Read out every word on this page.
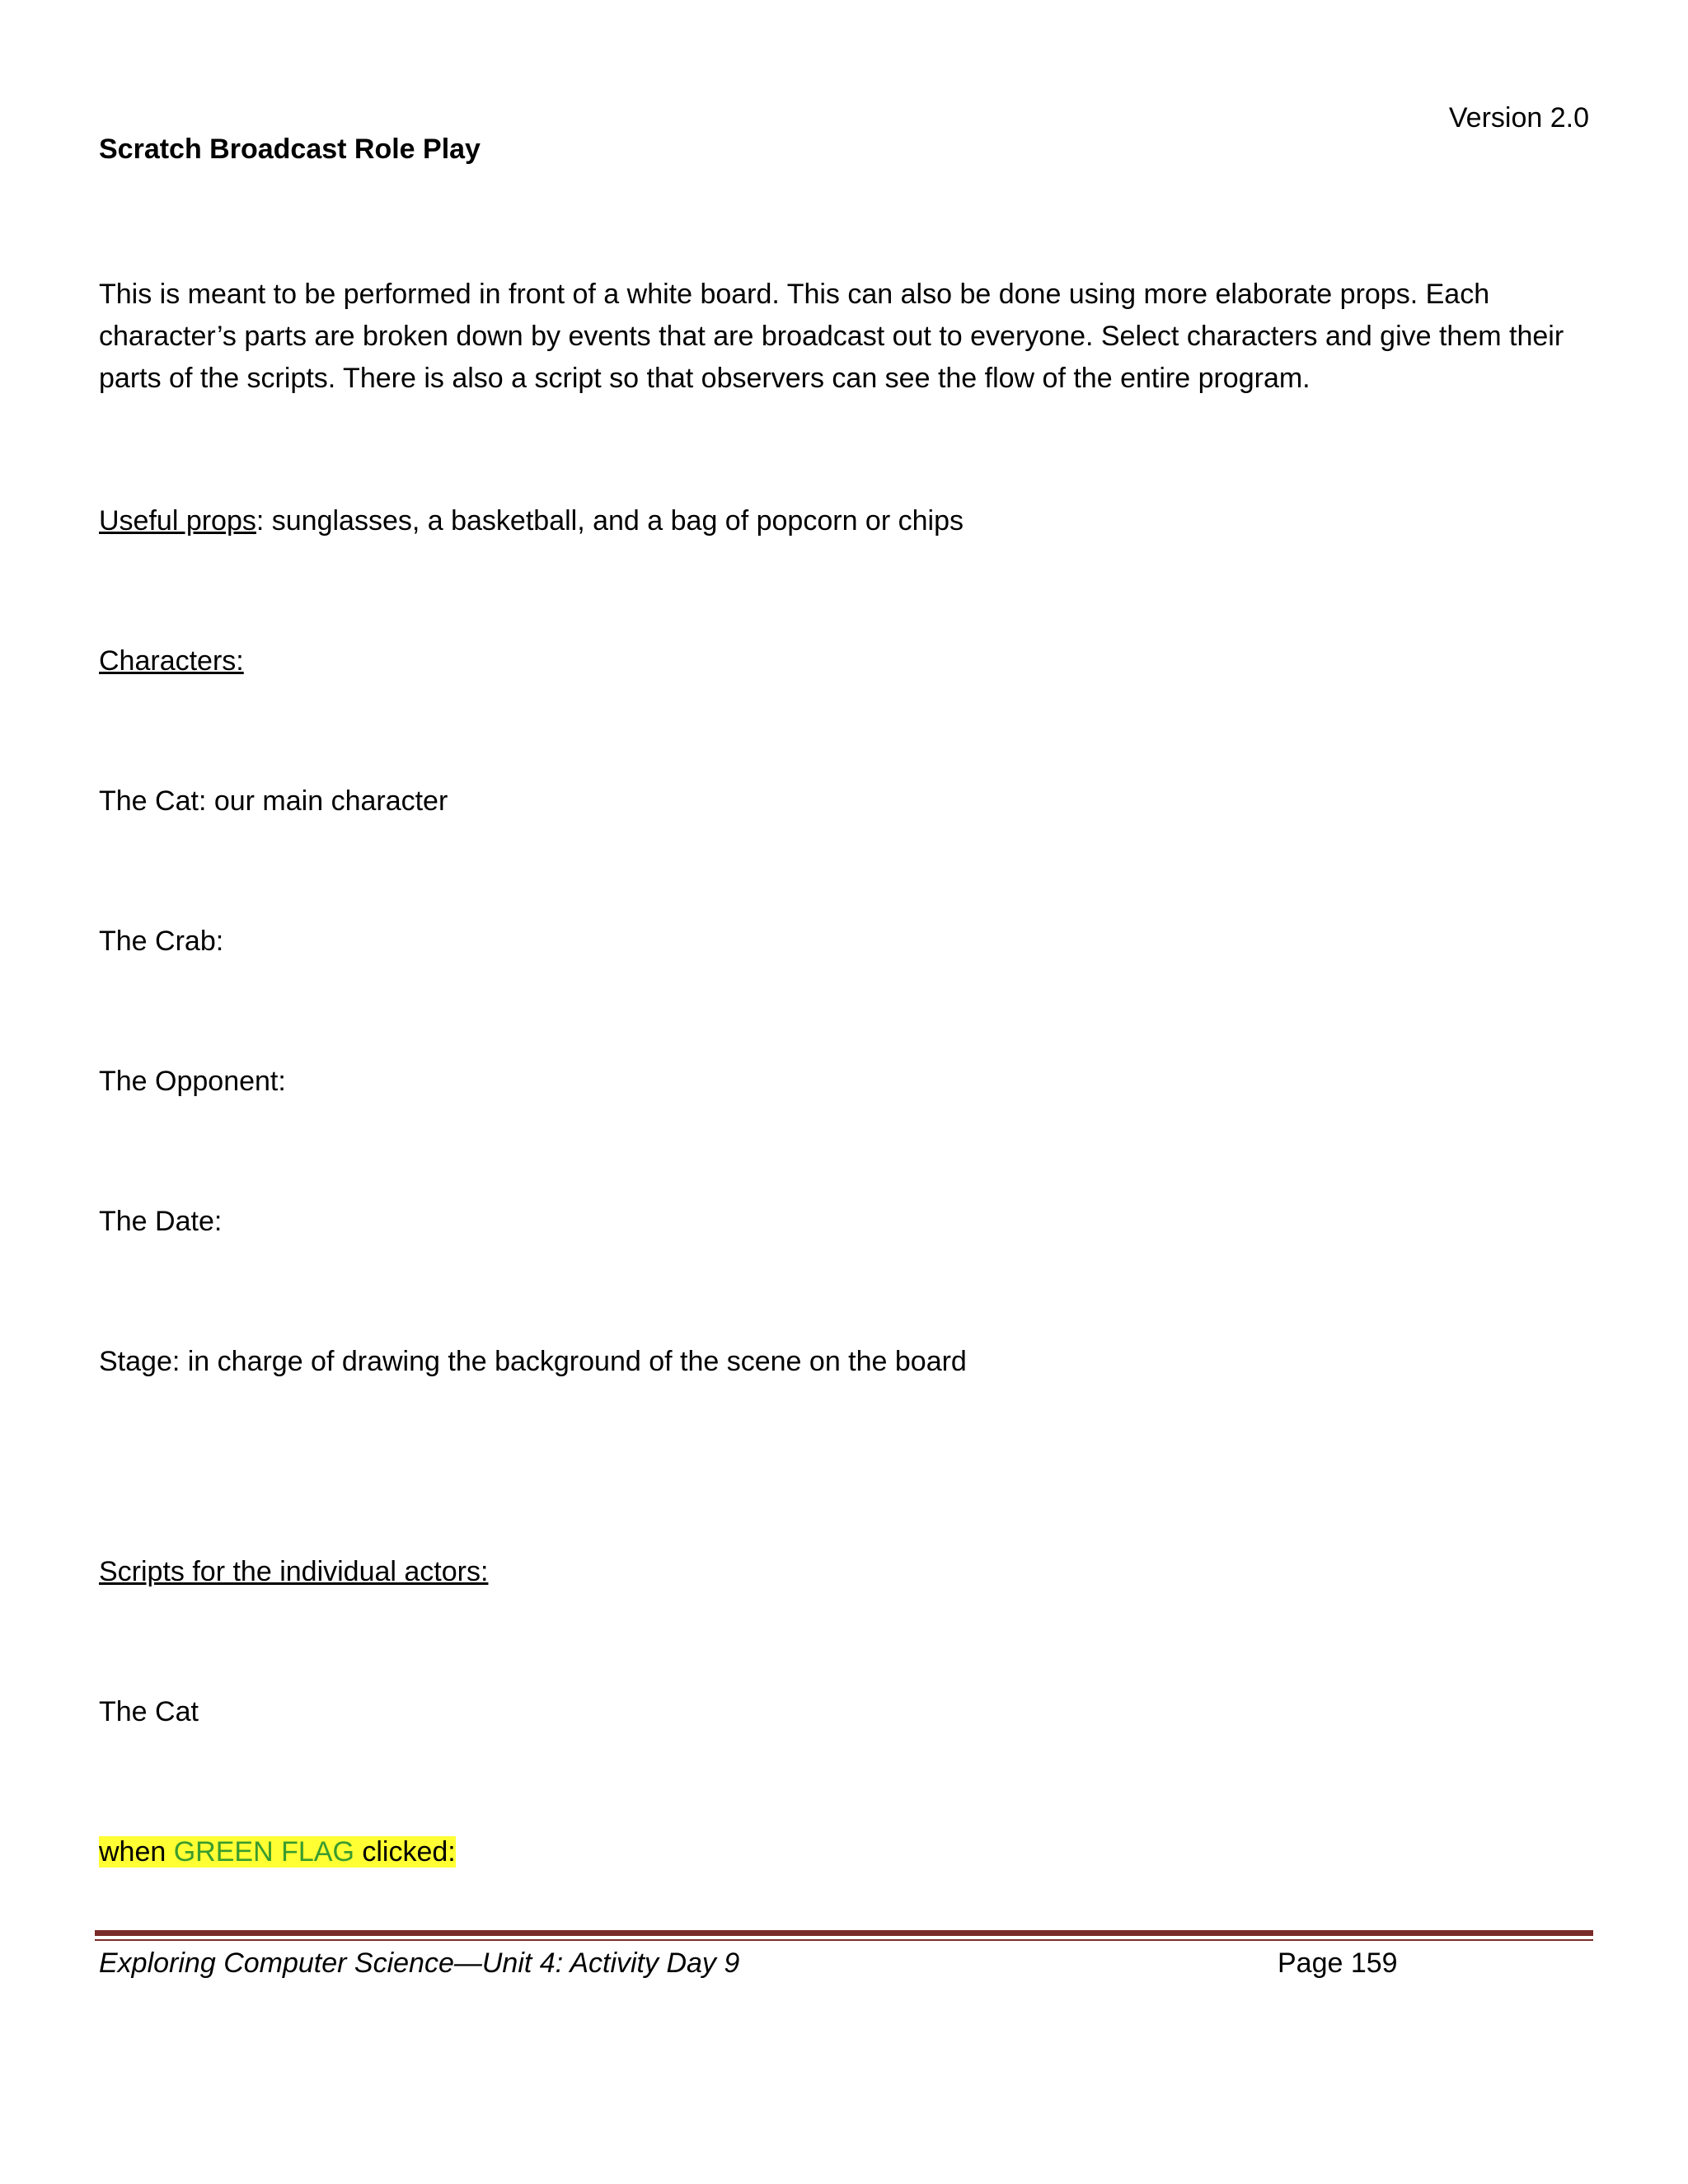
Version 2.0
Scratch Broadcast Role Play

This is meant to be performed in front of a white board. This can also be done using more elaborate props. Each

character’s parts are broken down by events that are broadcast out to everyone. Select characters and give them their

parts of the scripts. There is also a script so that observers can see the flow of the entire program.

Useful props: sunglasses, a basketball, and a bag of popcorn or chips
Characters:
The Cat: our main character
The Crab:
The Opponent:
The Date:
Stage: in charge of drawing the background of the scene on the board
Scripts for the individual actors:
The Cat
when GREEN FLAG clicked:
Exploring Computer Science—Unit 4: Activity Day 9	Page 159
